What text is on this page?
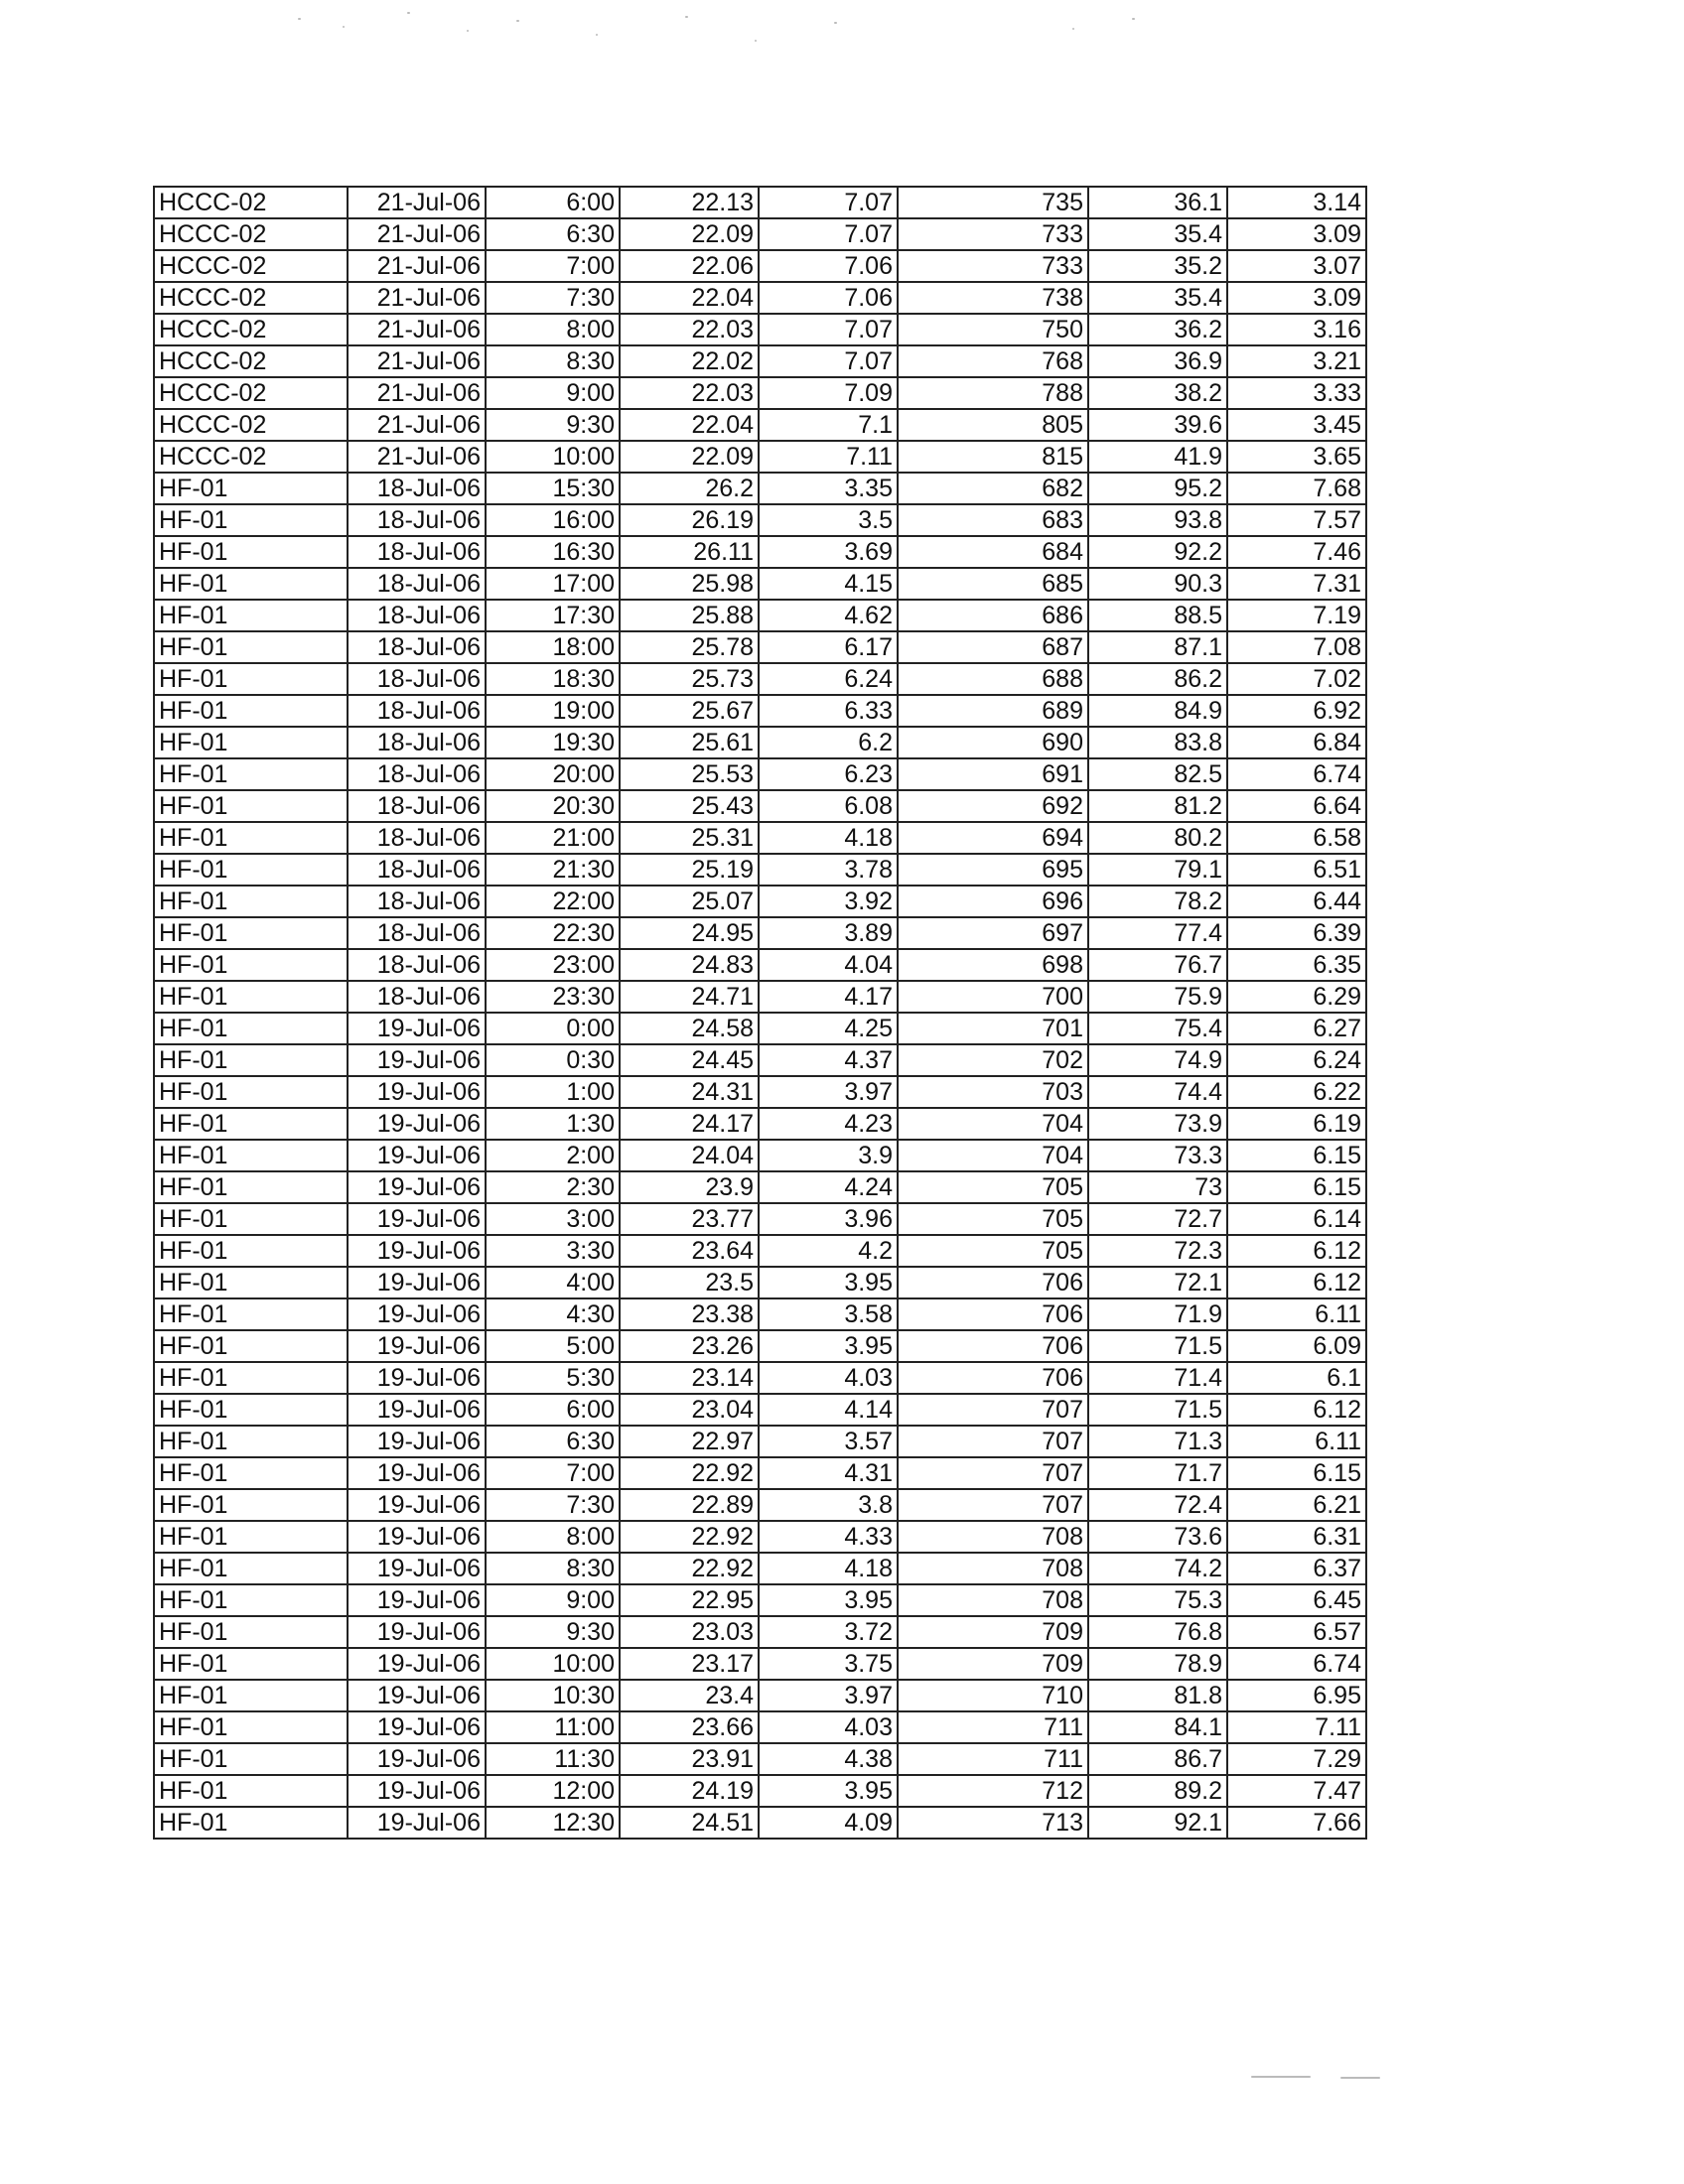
HCCC-02	21-Jul-06	6:00	22.13	7.07	735	36.1	3.14
HCCC-02	21-Jul-06	6:30	22.09	7.07	733	35.4	3.09
HCCC-02	21-Jul-06	7:00	22.06	7.06	733	35.2	3.07
HCCC-02	21-Jul-06	7:30	22.04	7.06	738	35.4	3.09
HCCC-02	21-Jul-06	8:00	22.03	7.07	750	36.2	3.16
HCCC-02	21-Jul-06	8:30	22.02	7.07	768	36.9	3.21
HCCC-02	21-Jul-06	9:00	22.03	7.09	788	38.2	3.33
HCCC-02	21-Jul-06	9:30	22.04	7.1	805	39.6	3.45
HCCC-02	21-Jul-06	10:00	22.09	7.11	815	41.9	3.65
HF-01	18-Jul-06	15:30	26.2	3.35	682	95.2	7.68
HF-01	18-Jul-06	16:00	26.19	3.5	683	93.8	7.57
HF-01	18-Jul-06	16:30	26.11	3.69	684	92.2	7.46
HF-01	18-Jul-06	17:00	25.98	4.15	685	90.3	7.31
HF-01	18-Jul-06	17:30	25.88	4.62	686	88.5	7.19
HF-01	18-Jul-06	18:00	25.78	6.17	687	87.1	7.08
HF-01	18-Jul-06	18:30	25.73	6.24	688	86.2	7.02
HF-01	18-Jul-06	19:00	25.67	6.33	689	84.9	6.92
HF-01	18-Jul-06	19:30	25.61	6.2	690	83.8	6.84
HF-01	18-Jul-06	20:00	25.53	6.23	691	82.5	6.74
HF-01	18-Jul-06	20:30	25.43	6.08	692	81.2	6.64
HF-01	18-Jul-06	21:00	25.31	4.18	694	80.2	6.58
HF-01	18-Jul-06	21:30	25.19	3.78	695	79.1	6.51
HF-01	18-Jul-06	22:00	25.07	3.92	696	78.2	6.44
HF-01	18-Jul-06	22:30	24.95	3.89	697	77.4	6.39
HF-01	18-Jul-06	23:00	24.83	4.04	698	76.7	6.35
HF-01	18-Jul-06	23:30	24.71	4.17	700	75.9	6.29
HF-01	19-Jul-06	0:00	24.58	4.25	701	75.4	6.27
HF-01	19-Jul-06	0:30	24.45	4.37	702	74.9	6.24
HF-01	19-Jul-06	1:00	24.31	3.97	703	74.4	6.22
HF-01	19-Jul-06	1:30	24.17	4.23	704	73.9	6.19
HF-01	19-Jul-06	2:00	24.04	3.9	704	73.3	6.15
HF-01	19-Jul-06	2:30	23.9	4.24	705	73	6.15
HF-01	19-Jul-06	3:00	23.77	3.96	705	72.7	6.14
HF-01	19-Jul-06	3:30	23.64	4.2	705	72.3	6.12
HF-01	19-Jul-06	4:00	23.5	3.95	706	72.1	6.12
HF-01	19-Jul-06	4:30	23.38	3.58	706	71.9	6.11
HF-01	19-Jul-06	5:00	23.26	3.95	706	71.5	6.09
HF-01	19-Jul-06	5:30	23.14	4.03	706	71.4	6.1
HF-01	19-Jul-06	6:00	23.04	4.14	707	71.5	6.12
HF-01	19-Jul-06	6:30	22.97	3.57	707	71.3	6.11
HF-01	19-Jul-06	7:00	22.92	4.31	707	71.7	6.15
HF-01	19-Jul-06	7:30	22.89	3.8	707	72.4	6.21
HF-01	19-Jul-06	8:00	22.92	4.33	708	73.6	6.31
HF-01	19-Jul-06	8:30	22.92	4.18	708	74.2	6.37
HF-01	19-Jul-06	9:00	22.95	3.95	708	75.3	6.45
HF-01	19-Jul-06	9:30	23.03	3.72	709	76.8	6.57
HF-01	19-Jul-06	10:00	23.17	3.75	709	78.9	6.74
HF-01	19-Jul-06	10:30	23.4	3.97	710	81.8	6.95
HF-01	19-Jul-06	11:00	23.66	4.03	711	84.1	7.11
HF-01	19-Jul-06	11:30	23.91	4.38	711	86.7	7.29
HF-01	19-Jul-06	12:00	24.19	3.95	712	89.2	7.47
HF-01	19-Jul-06	12:30	24.51	4.09	713	92.1	7.66
